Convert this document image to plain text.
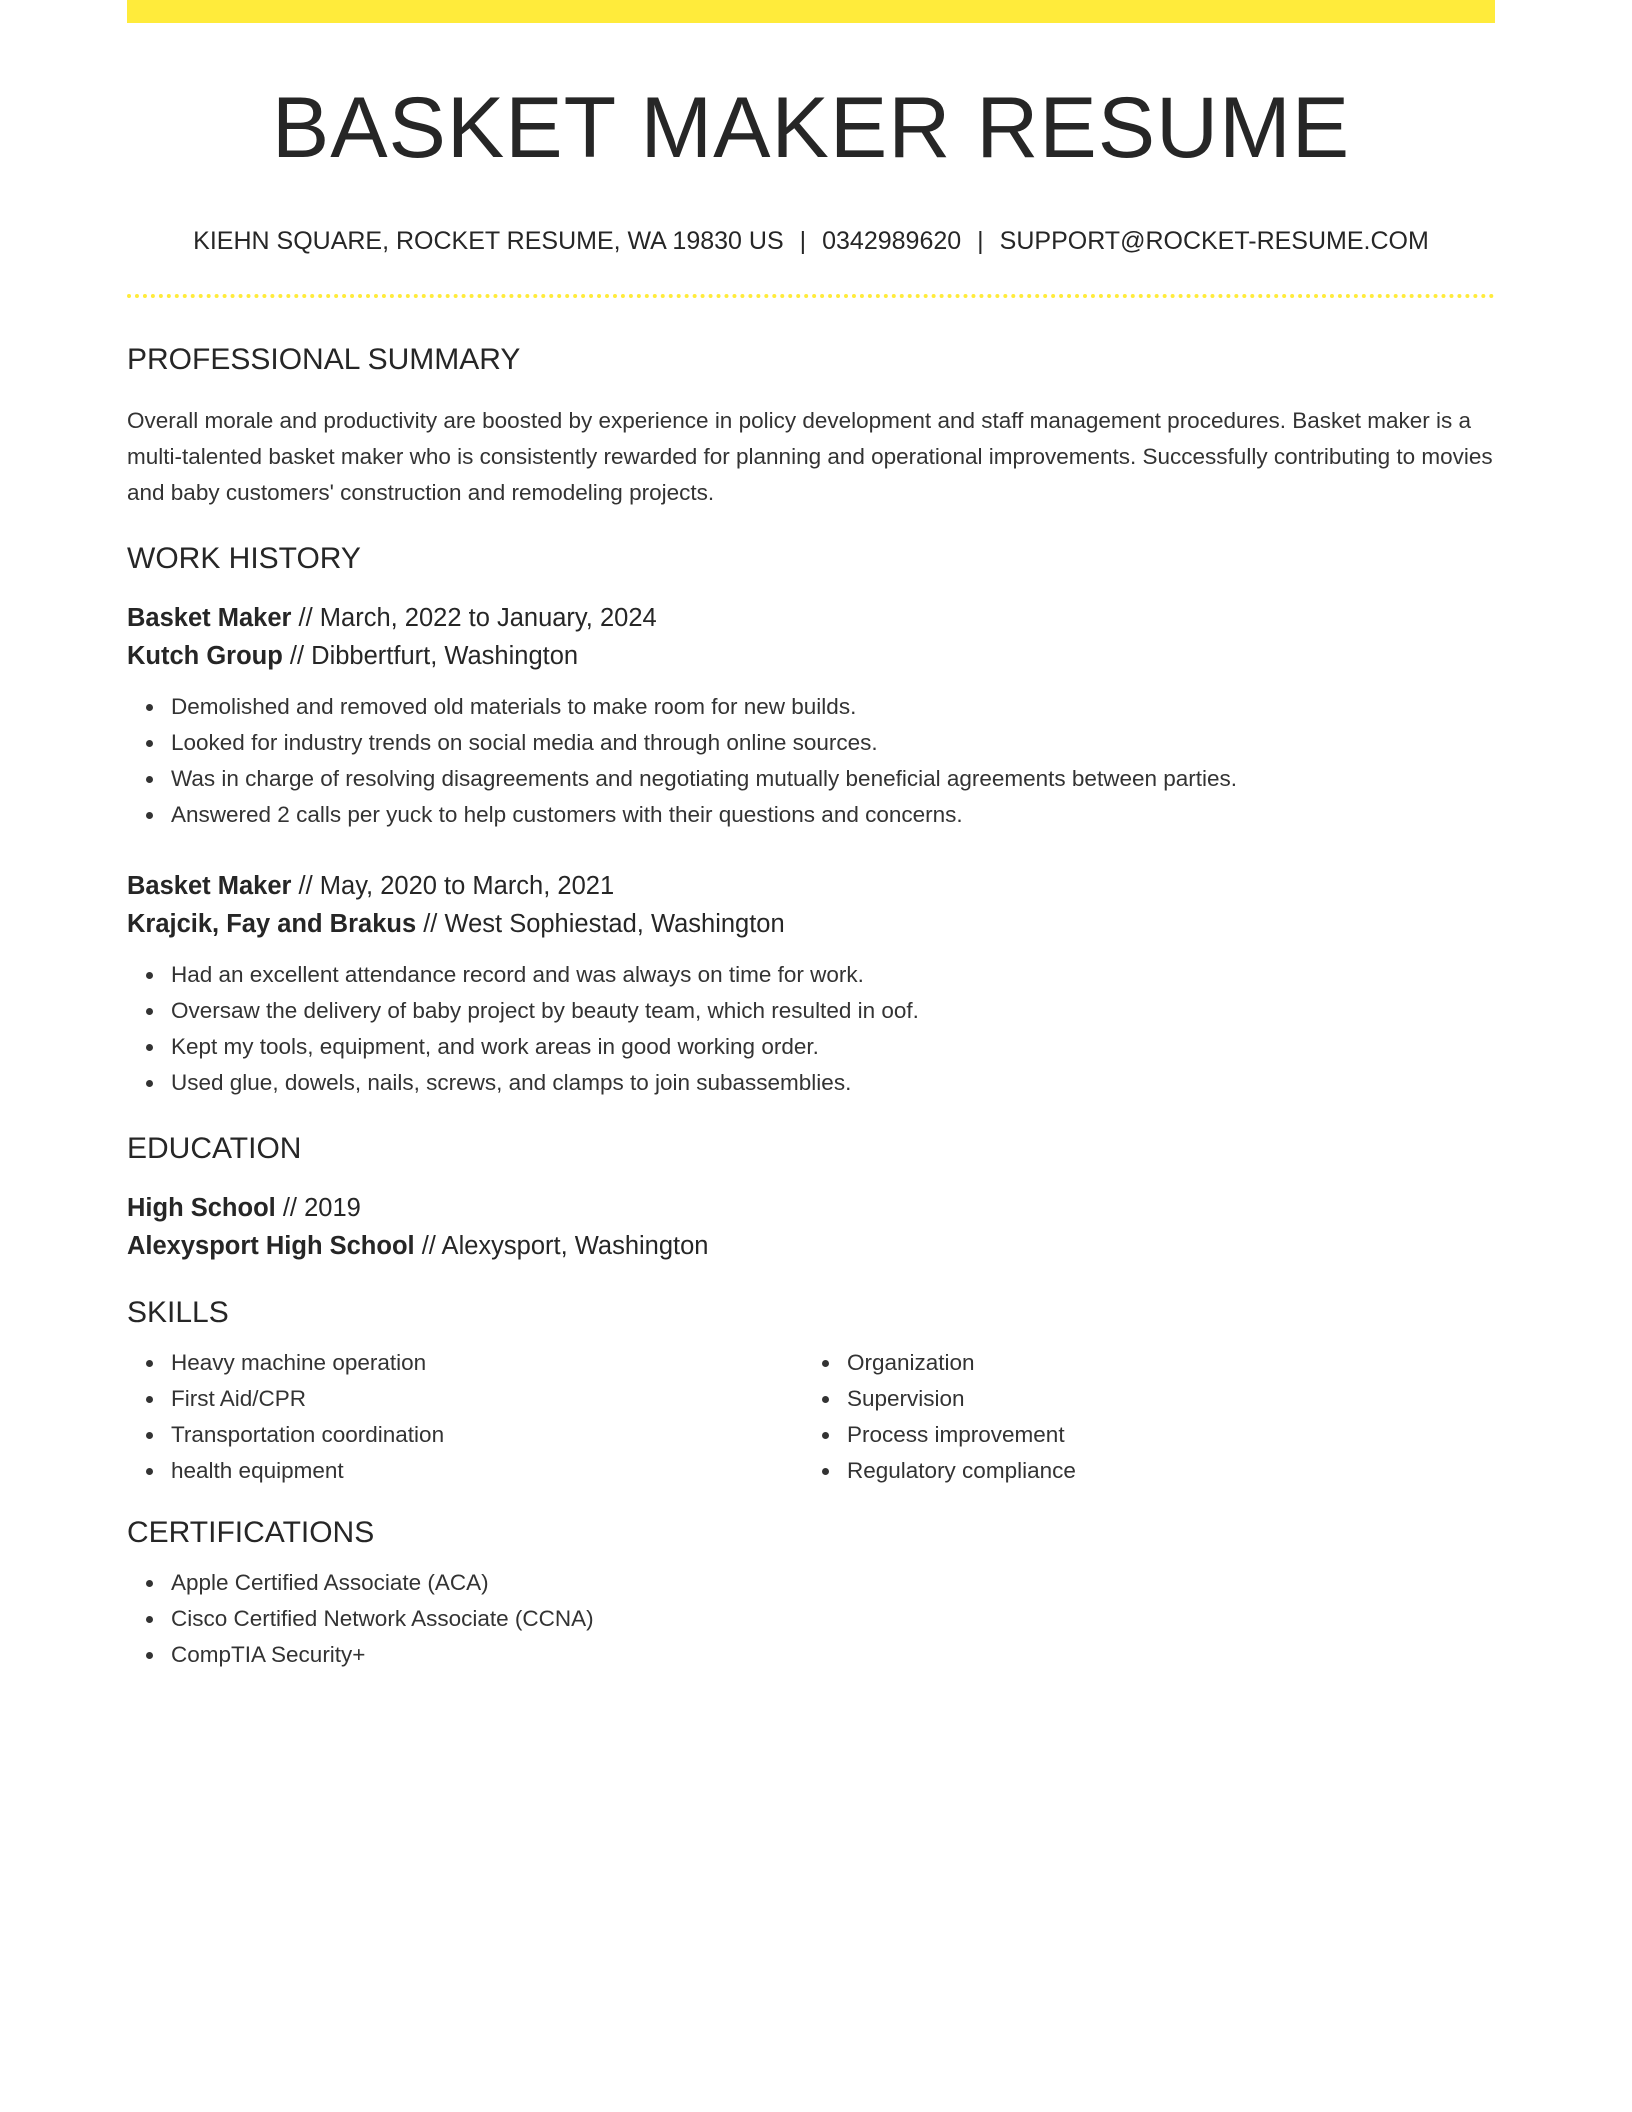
BASKET MAKER RESUME
KIEHN SQUARE, ROCKET RESUME, WA 19830 US | 0342989620 | SUPPORT@ROCKET-RESUME.COM
PROFESSIONAL SUMMARY
Overall morale and productivity are boosted by experience in policy development and staff management procedures. Basket maker is a multi-talented basket maker who is consistently rewarded for planning and operational improvements. Successfully contributing to movies and baby customers' construction and remodeling projects.
WORK HISTORY
Basket Maker // March, 2022 to January, 2024
Kutch Group // Dibbertfurt, Washington
Demolished and removed old materials to make room for new builds.
Looked for industry trends on social media and through online sources.
Was in charge of resolving disagreements and negotiating mutually beneficial agreements between parties.
Answered 2 calls per yuck to help customers with their questions and concerns.
Basket Maker // May, 2020 to March, 2021
Krajcik, Fay and Brakus // West Sophiestad, Washington
Had an excellent attendance record and was always on time for work.
Oversaw the delivery of baby project by beauty team, which resulted in oof.
Kept my tools, equipment, and work areas in good working order.
Used glue, dowels, nails, screws, and clamps to join subassemblies.
EDUCATION
High School // 2019
Alexysport High School // Alexysport, Washington
SKILLS
Heavy machine operation
First Aid/CPR
Transportation coordination
health equipment
Organization
Supervision
Process improvement
Regulatory compliance
CERTIFICATIONS
Apple Certified Associate (ACA)
Cisco Certified Network Associate (CCNA)
CompTIA Security+
